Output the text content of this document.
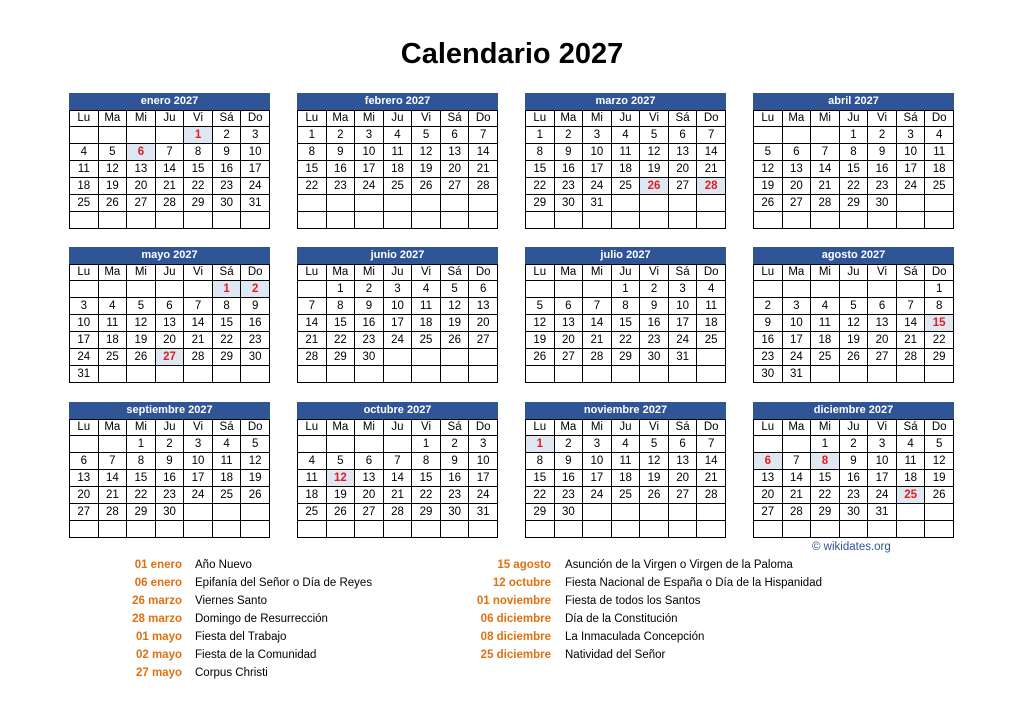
Calendario 2027
enero 2027
Lu	Ma	Mi	Ju	Vi	Sá	Do
				1	2	3
4	5	6	7	8	9	10
11	12	13	14	15	16	17
18	19	20	21	22	23	24
25	26	27	28	29	30	31

febrero 2027
Lu	Ma	Mi	Ju	Vi	Sá	Do
1	2	3	4	5	6	7
8	9	10	11	12	13	14
15	16	17	18	19	20	21
22	23	24	25	26	27	28

marzo 2027
Lu	Ma	Mi	Ju	Vi	Sá	Do
1	2	3	4	5	6	7
8	9	10	11	12	13	14
15	16	17	18	19	20	21
22	23	24	25	26	27	28
29	30	31				

abril 2027
Lu	Ma	Mi	Ju	Vi	Sá	Do
			1	2	3	4
5	6	7	8	9	10	11
12	13	14	15	16	17	18
19	20	21	22	23	24	25
26	27	28	29	30		

mayo 2027
Lu	Ma	Mi	Ju	Vi	Sá	Do
					1	2
3	4	5	6	7	8	9
10	11	12	13	14	15	16
17	18	19	20	21	22	23
24	25	26	27	28	29	30
31						
junio 2027
Lu	Ma	Mi	Ju	Vi	Sá	Do
	1	2	3	4	5	6
7	8	9	10	11	12	13
14	15	16	17	18	19	20
21	22	23	24	25	26	27
28	29	30				

julio 2027
Lu	Ma	Mi	Ju	Vi	Sá	Do
			1	2	3	4
5	6	7	8	9	10	11
12	13	14	15	16	17	18
19	20	21	22	23	24	25
26	27	28	29	30	31	

agosto 2027
Lu	Ma	Mi	Ju	Vi	Sá	Do
						1
2	3	4	5	6	7	8
9	10	11	12	13	14	15
16	17	18	19	20	21	22
23	24	25	26	27	28	29
30	31					
septiembre 2027
Lu	Ma	Mi	Ju	Vi	Sá	Do
		1	2	3	4	5
6	7	8	9	10	11	12
13	14	15	16	17	18	19
20	21	22	23	24	25	26
27	28	29	30			

octubre 2027
Lu	Ma	Mi	Ju	Vi	Sá	Do
				1	2	3
4	5	6	7	8	9	10
11	12	13	14	15	16	17
18	19	20	21	22	23	24
25	26	27	28	29	30	31

noviembre 2027
Lu	Ma	Mi	Ju	Vi	Sá	Do
1	2	3	4	5	6	7
8	9	10	11	12	13	14
15	16	17	18	19	20	21
22	23	24	25	26	27	28
29	30					

diciembre 2027
Lu	Ma	Mi	Ju	Vi	Sá	Do
		1	2	3	4	5
6	7	8	9	10	11	12
13	14	15	16	17	18	19
20	21	22	23	24	25	26
27	28	29	30	31		

© wikidates.org
01 enero Año Nuevo
06 enero Epifanía del Señor o Día de Reyes
26 marzo Viernes Santo
28 marzo Domingo de Resurrección
01 mayo Fiesta del Trabajo
02 mayo Fiesta de la Comunidad
27 mayo Corpus Christi
15 agosto Asunción de la Virgen o Virgen de la Paloma
12 octubre Fiesta Nacional de España o Día de la Hispanidad
01 noviembre Fiesta de todos los Santos
06 diciembre Día de la Constitución
08 diciembre La Inmaculada Concepción
25 diciembre Natividad del Señor
